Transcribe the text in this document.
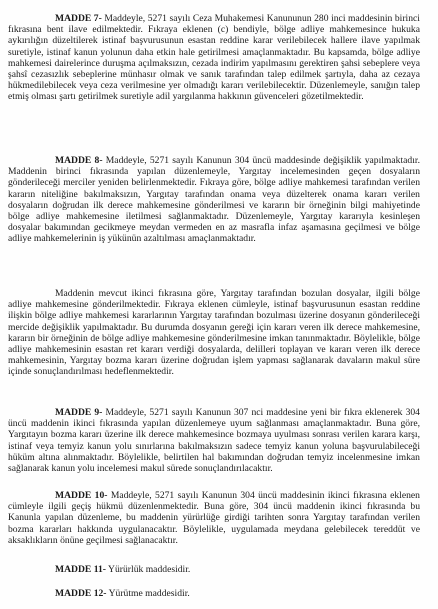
MADDE 7- Maddeyle, 5271 sayılı Ceza Muhakemesi Kanununun 280 inci maddesinin birinci fıkrasına bent ilave edilmektedir. Fıkraya eklenen (c) bendiyle, bölge adliye mahkemesince hukuka aykırılığın düzeltilerek istinaf başvurusunun esastan reddine karar verilebilecek hallere ilave yapılmak suretiyle, istinaf kanun yolunun daha etkin hale getirilmesi amaçlanmaktadır. Bu kapsamda, bölge adliye mahkemesi dairelerince duruşma açılmaksızın, cezada indirim yapılmasını gerektiren şahsi sebeplere veya şahsî cezasızlık sebeplerine münhasır olmak ve sanık tarafından talep edilmek şartıyla, daha az cezaya hükmedilebilecek veya ceza verilmesine yer olmadığı kararı verilebilecektir. Düzenlemeyle, sanığın talep etmiş olması şartı getirilmek suretiyle adil yargılanma hakkının güvenceleri gözetilmektedir.

MADDE 8- Maddeyle, 5271 sayılı Kanunun 304 üncü maddesinde değişiklik yapılmaktadır. Maddenin birinci fıkrasında yapılan düzenlemeyle, Yargıtay incelemesinden geçen dosyaların gönderileceği merciler yeniden belirlenmektedir. Fıkraya göre, bölge adliye mahkemesi tarafından verilen kararın niteliğine bakılmaksızın, Yargıtay tarafından onama veya düzelterek onama kararı verilen dosyaların doğrudan ilk derece mahkemesine gönderilmesi ve kararın bir örneğinin bilgi mahiyetinde bölge adliye mahkemesine iletilmesi sağlanmaktadır. Düzenlemeyle, Yargıtay kararıyla kesinleşen dosyalar bakımından gecikmeye meydan vermeden en az masrafla infaz aşamasına geçilmesi ve bölge adliye mahkemelerinin iş yükünün azaltılması amaçlanmaktadır.

Maddenin mevcut ikinci fıkrasına göre, Yargıtay tarafından bozulan dosyalar, ilgili bölge adliye mahkemesine gönderilmektedir. Fıkraya eklenen cümleyle, istinaf başvurusunun esastan reddine ilişkin bölge adliye mahkemesi kararlarının Yargıtay tarafından bozulması üzerine dosyanın gönderileceği mercide değişiklik yapılmaktadır. Bu durumda dosyanın gereği için kararı veren ilk derece mahkemesine, kararın bir örneğinin de bölge adliye mahkemesine gönderilmesine imkan tanınmaktadır. Böylelikle, bölge adliye mahkemesinin esastan ret kararı verdiği dosyalarda, delilleri toplayan ve kararı veren ilk derece mahkemesinin, Yargıtay bozma kararı üzerine doğrudan işlem yapması sağlanarak davaların makul süre içinde sonuçlandırılması hedeflenmektedir.

MADDE 9- Maddeyle, 5271 sayılı Kanunun 307 nci maddesine yeni bir fıkra eklenerek 304 üncü maddenin ikinci fıkrasında yapılan düzenlemeye uyum sağlanması amaçlanmaktadır. Buna göre, Yargıtayın bozma kararı üzerine ilk derece mahkemesince bozmaya uyulması sonrası verilen karara karşı, istinaf veya temyiz kanun yolu sınırlarına bakılmaksızın sadece temyiz kanun yoluna başvurulabileceği hüküm altına alınmaktadır. Böylelikle, belirtilen hal bakımından doğrudan temyiz incelenmesine imkan sağlanarak kanun yolu incelemesi makul sürede sonuçlandırılacaktır.

MADDE 10- Maddeyle, 5271 sayılı Kanunun 304 üncü maddesinin ikinci fıkrasına eklenen cümleyle ilgili geçiş hükmü düzenlenmektedir. Buna göre, 304 üncü maddenin ikinci fıkrasında bu Kanunla yapılan düzenleme, bu maddenin yürürlüğe girdiği tarihten sonra Yargıtay tarafından verilen bozma kararları hakkında uygulanacaktır. Böylelikle, uygulamada meydana gelebilecek tereddüt ve aksaklıkların önüne geçilmesi sağlanacaktır.

MADDE 11- Yürürlük maddesidir.

MADDE 12- Yürütme maddesidir.
